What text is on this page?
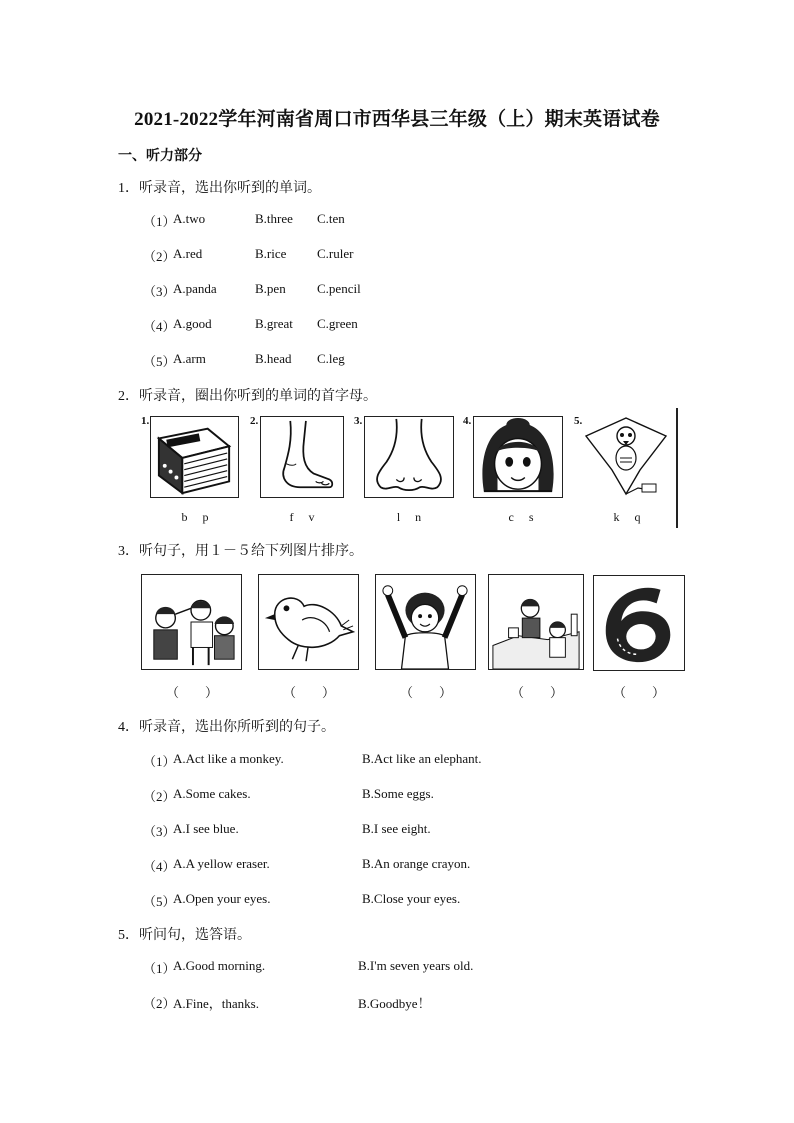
2021-2022学年河南省周口市西华县三年级（上）期末英语试卷
一、听力部分
1．听录音，选出你听到的单词。
（1）
A.two	B.three C.ten
（2）
A.red	B.rice C.ruler
（3）
A.panda	B.pen C.pencil
（4）
A.good	B.great C.green
（5）
A.arm	B.head C.leg
2．听录音，圈出你听到的单词的首字母。
1.
b　 p
2.
f　 v
3.
l　 n
4.
c　 s
5.
k　 q
3．听句子，用１－５给下列图片排序。
（　　）	（　　）	（　　）	（　　）	（　　）
4．听录音，选出你所听到的句子。
（1）
A.Act like a monkey.	B.Act like an elephant.
（2）
A.Some cakes.	B.Some eggs.
（3）
A.I see blue.	B.I see eight.
（4）
A.A yellow eraser.	B.An orange crayon.
（5）
A.Open your eyes.	B.Close your eyes.
5．听问句，选答语。
（1）
A.Good morning.	B.I'm seven years old.
（2）
A.Fine，thanks.	B.Goodbye！
